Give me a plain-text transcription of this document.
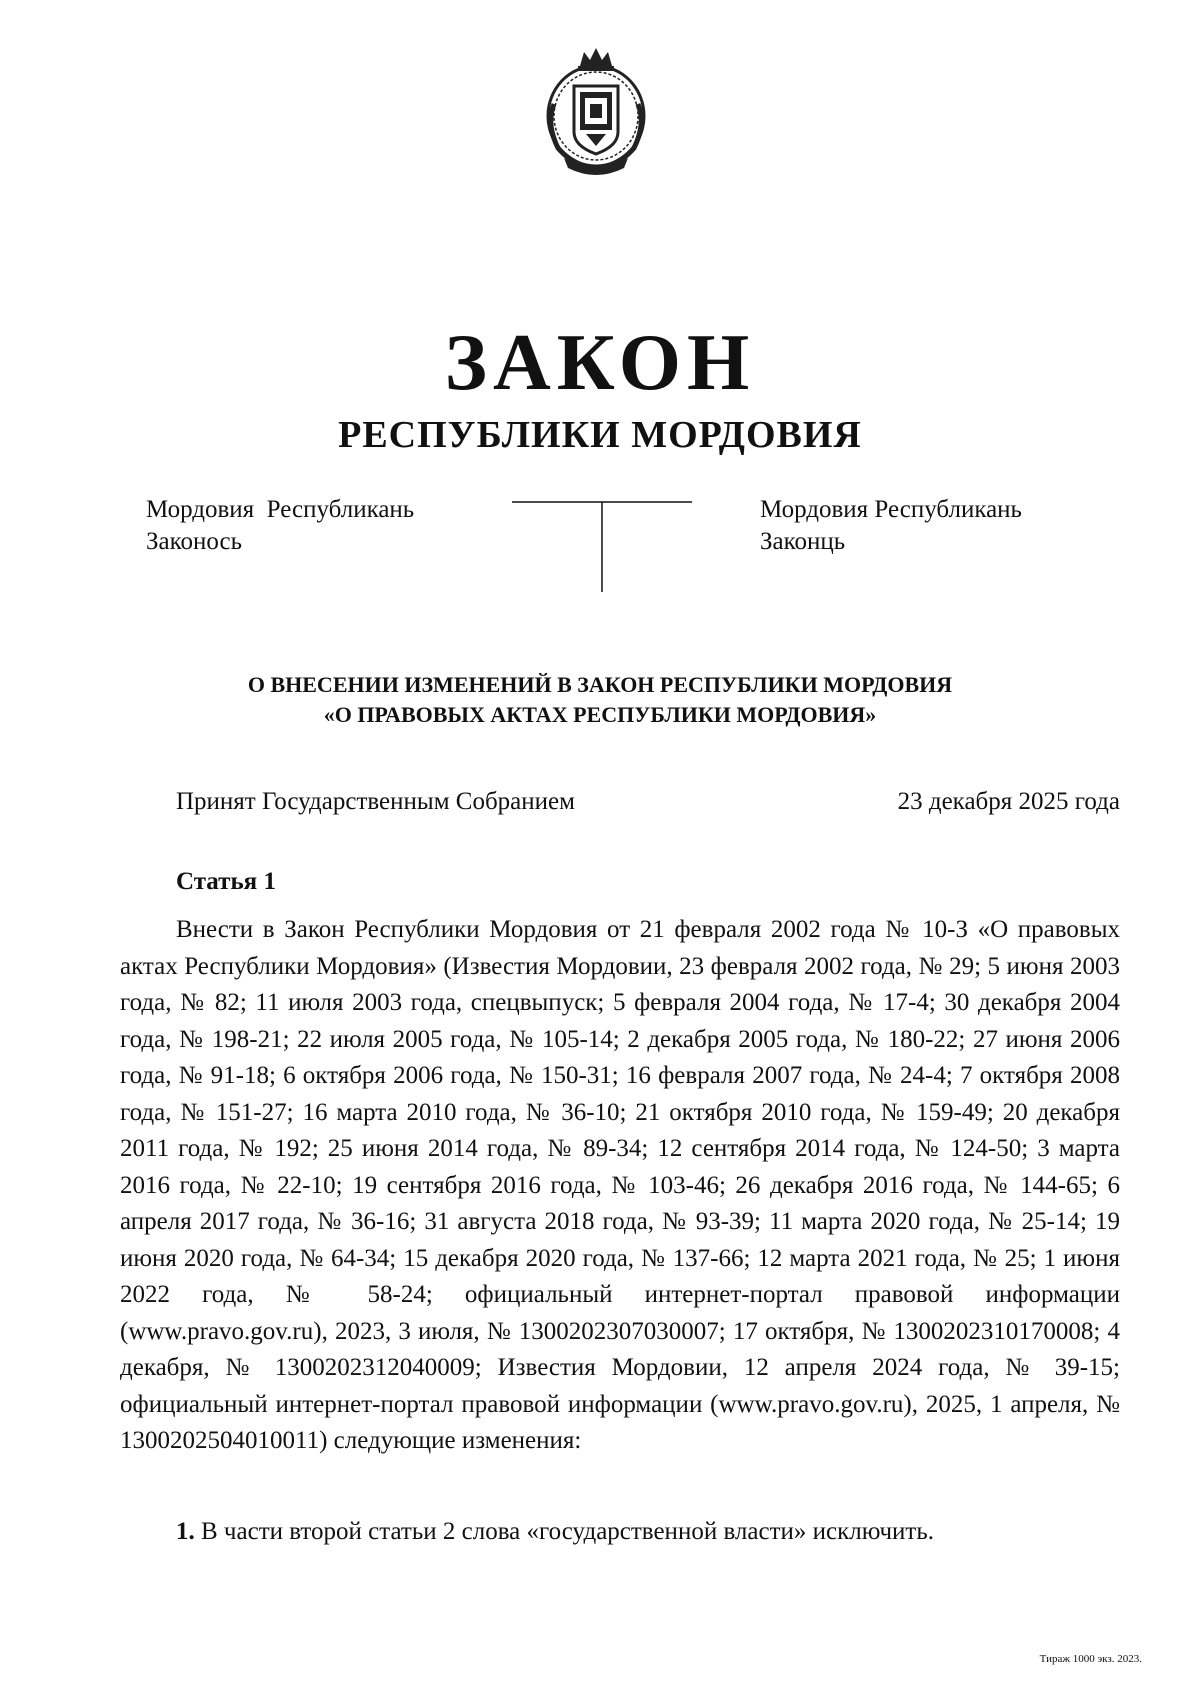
ЗАКОН
РЕСПУБЛИКИ МОРДОВИЯ
Мордовия  Республикань
Законось
Мордовия Республикань
Законць
О ВНЕСЕНИИ ИЗМЕНЕНИЙ В ЗАКОН РЕСПУБЛИКИ МОРДОВИЯ
«О ПРАВОВЫХ АКТАХ РЕСПУБЛИКИ МОРДОВИЯ»
Принят Государственным Собранием	23 декабря 2025 года
Статья 1

Внести в Закон Республики Мордовия от 21 февраля 2002 года № 10-З «О правовых актах Республики Мордовия» (Известия Мордовии, 23 февраля 2002 года, № 29; 5 июня 2003 года, № 82; 11 июля 2003 года, спецвыпуск; 5 февраля 2004 года, № 17-4; 30 декабря 2004 года, № 198-21; 22 июля 2005 года, № 105-14; 2 декабря 2005 года, № 180-22; 27 июня 2006 года, № 91-18; 6 октября 2006 года, № 150-31; 16 февраля 2007 года, № 24-4; 7 октября 2008 года, № 151-27; 16 марта 2010 года, № 36-10; 21 октября 2010 года, № 159-49; 20 декабря 2011 года, № 192; 25 июня 2014 года, № 89-34; 12 сентября 2014 года, № 124-50; 3 марта 2016 года, № 22-10; 19 сентября 2016 года, № 103-46; 26 декабря 2016 года, № 144-65; 6 апреля 2017 года, № 36-16; 31 августа 2018 года, № 93-39; 11 марта 2020 года, № 25-14; 19 июня 2020 года, № 64-34; 15 декабря 2020 года, № 137-66; 12 марта 2021 года, № 25; 1 июня 2022 года, № 58-24; официальный интернет-портал правовой информации (www.pravo.gov.ru), 2023, 3 июля, № 1300202307030007; 17 октября, № 1300202310170008; 4 декабря, № 1300202312040009; Известия Мордовии, 12 апреля 2024 года, № 39-15; официальный интернет-портал правовой информации (www.pravo.gov.ru), 2025, 1 апреля, № 1300202504010011) следующие изменения:

1. В части второй статьи 2 слова «государственной власти» исключить.

Тираж 1000 экз. 2023.
